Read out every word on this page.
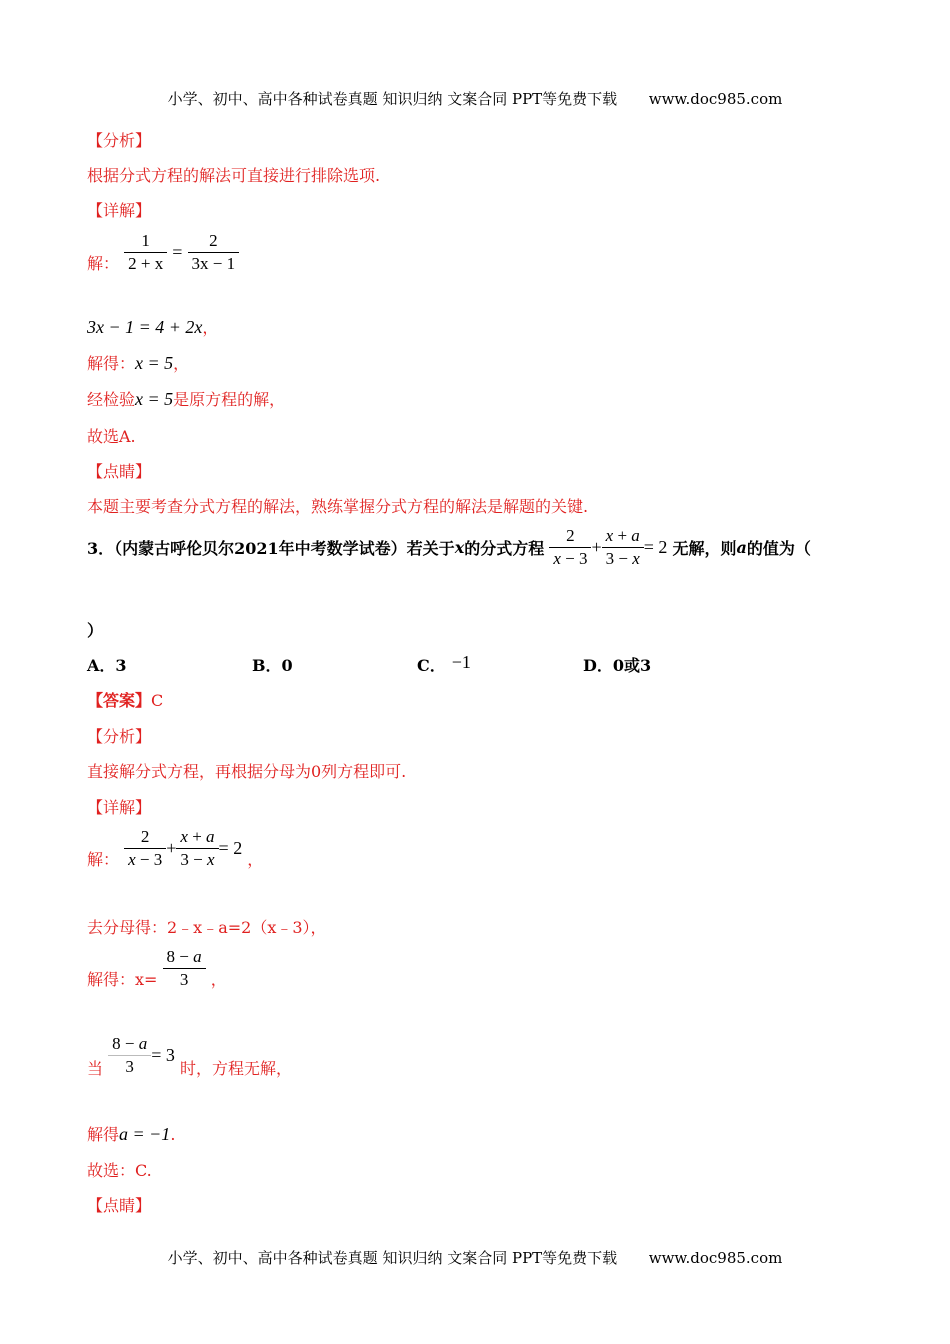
小学、初中、高中各种试卷真题 知识归纳 文案合同 PPT等免费下载 www.doc985.com
【分析】
根据分式方程的解法可直接进行排除选项.
【详解】
解： $\frac{1}{2 + x} = \frac{2}{3x - 1}$
3x − 1 = 4 + 2x，
解得：x = 5，
经检验x = 5是原方程的解，
故选A.
【点睛】
本题主要考查分式方程的解法，熟练掌握分式方程的解法是解题的关键.
3．（内蒙古呼伦贝尔2021年中考数学试卷）若关于x的分式方程 $\frac{2}{x - 3} + \frac{x + a}{3 - x} = 2$ 无解，则a的值为（
）
A．3	B．0	C． −1	D．0或3
【答案】C
【分析】
直接解分式方程，再根据分母为0列方程即可.
【详解】
解： $\frac{2}{x - 3} + \frac{x + a}{3 - x} = 2$ ，
去分母得：2﹣x﹣a=2（x﹣3），
解得：$x= \frac{8 - a}{3}$ ，
当 $\frac{8 - a}{3} = 3$ 时，方程无解，
解得a = −1.
故选：C.
【点睛】
小学、初中、高中各种试卷真题 知识归纳 文案合同 PPT等免费下载 www.doc985.com
